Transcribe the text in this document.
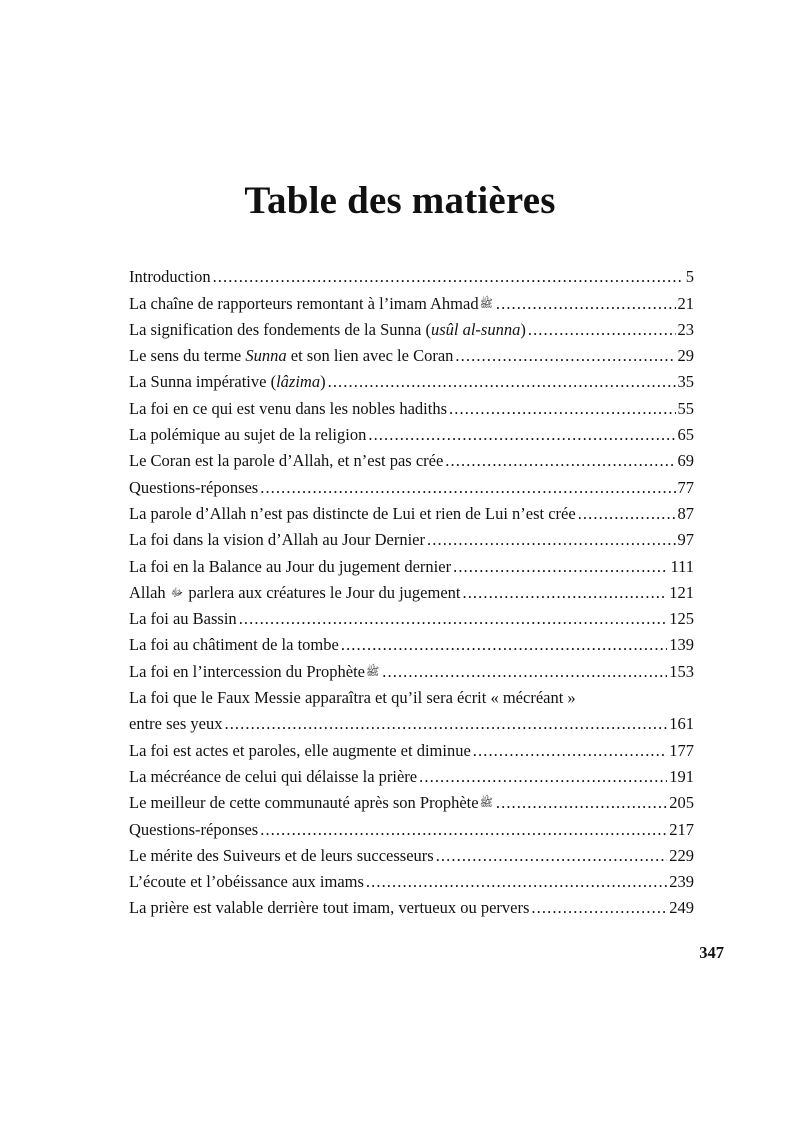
Table des matières
Introduction .....	5
La chaîne de rapporteurs remontant à l’imam Ahmadﷺ .....	21
La signification des fondements de la Sunna (usûl al-sunna) .....	23
Le sens du terme Sunna et son lien avec le Coran .....	29
La Sunna impérative (lâzima) .....	35
La foi en ce qui est venu dans les nobles hadiths .....	55
La polémique au sujet de la religion .....	65
Le Coran est la parole d’Allah, et n’est pas crée .....	69
Questions-réponses .....	77
La parole d’Allah n’est pas distincte de Lui et rien de Lui n’est crée .....	87
La foi dans la vision d’Allah au Jour Dernier .....	97
La foi en la Balance au Jour du jugement dernier .....	111
Allah ﷻ parlera aux créatures le Jour du jugement .....	121
La foi au Bassin .....	125
La foi au châtiment de la tombe .....	139
La foi en l’intercession du Prophèteﷺ .....	153
La foi que le Faux Messie apparaîtra et qu’il sera écrit « mécréant »
entre ses yeux .....	161
La foi est actes et paroles, elle augmente et diminue .....	177
La mécréance de celui qui délaisse la prière .....	191
Le meilleur de cette communauté après son Prophèteﷺ .....	205
Questions-réponses .....	217
Le mérite des Suiveurs et de leurs successeurs .....	229
L’écoute et l’obéissance aux imams .....	239
La prière est valable derrière tout imam, vertueux ou pervers .....	249
347
